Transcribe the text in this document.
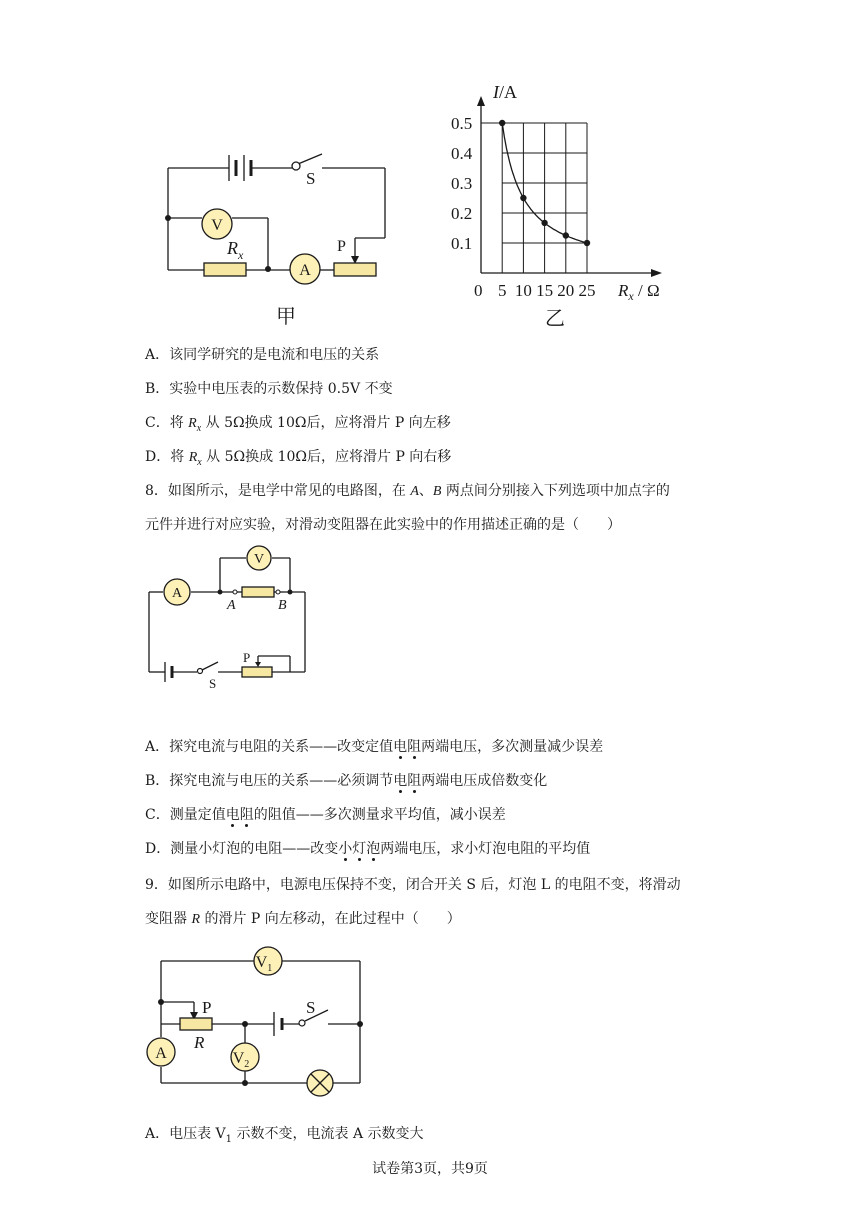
V
A
S
P
$R_x$
甲
0.1
0.2
0.3
0.4
0.5
5 10 15 20 25
0
I/A
$R_x$ / Ω
乙
A．该同学研究的是电流和电压的关系
B．实验中电压表的示数保持 0.5V 不变
C．将 $R_x$ 从 5Ω换成 10Ω后，应将滑片 P 向左移
D．将 $R_x$ 从 5Ω换成 10Ω后，应将滑片 P 向右移
8．如图所示，是电学中常见的电路图，在 A、B 两点间分别接入下列选项中加点字的
元件并进行对应实验，对滑动变阻器在此实验中的作用描述正确的是（　　）
V
A
A	B
P
S
A．探究电流与电阻的关系——改变定值电阻两端电压，多次测量减少误差
B．探究电流与电压的关系——必须调节电阻两端电压成倍数变化
C．测量定值电阻的阻值——多次测量求平均值，减小误差
D．测量小灯泡的电阻——改变小灯泡两端电压，求小灯泡电阻的平均值
9．如图所示电路中，电源电压保持不变，闭合开关 S 后，灯泡 L 的电阻不变，将滑动
变阻器 R 的滑片 P 向左移动，在此过程中（　　）
$V_1$
P
R
S
A	$V_2$
A．电压表 $V_1$ 示数不变，电流表 A 示数变大
试卷第3页，共9页
